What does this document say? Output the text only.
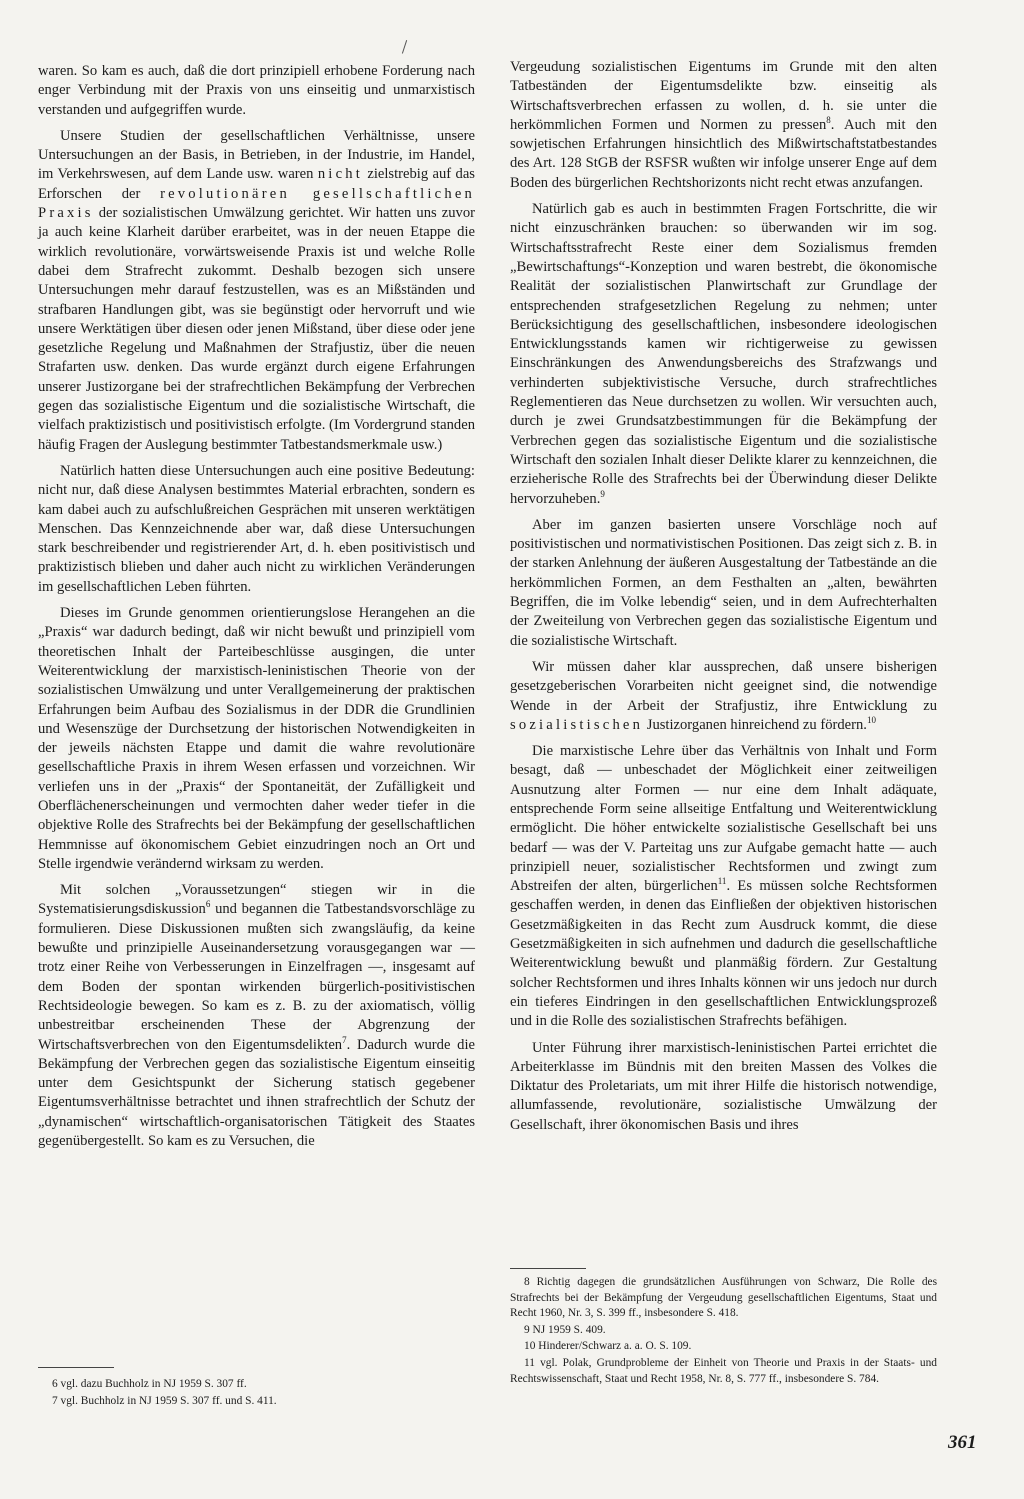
waren. So kam es auch, daß die dort prinzipiell erhobene Forderung nach enger Verbindung mit der Praxis von uns einseitig und unmarxistisch verstanden und aufgegriffen wurde.

Unsere Studien der gesellschaftlichen Verhältnisse, unsere Untersuchungen an der Basis, in Betrieben, in der Industrie, im Handel, im Verkehrswesen, auf dem Lande usw. waren nicht zielstrebig auf das Erforschen der revolutionären gesellschaftlichen Praxis der sozialistischen Umwälzung gerichtet. Wir hatten uns zuvor ja auch keine Klarheit darüber erarbeitet, was in der neuen Etappe die wirklich revolutionäre, vorwärtsweisende Praxis ist und welche Rolle dabei dem Strafrecht zukommt. Deshalb bezogen sich unsere Untersuchungen mehr darauf festzustellen, was es an Mißständen und strafbaren Handlungen gibt, was sie begünstigt oder hervorruft und wie unsere Werktätigen über diesen oder jenen Mißstand, über diese oder jene gesetzliche Regelung und Maßnahmen der Strafjustiz, über die neuen Strafarten usw. denken. Das wurde ergänzt durch eigene Erfahrungen unserer Justizorgane bei der strafrechtlichen Bekämpfung der Verbrechen gegen das sozialistische Eigentum und die sozialistische Wirtschaft, die vielfach praktizistisch und positivistisch erfolgte. (Im Vordergrund standen häufig Fragen der Auslegung bestimmter Tatbestandsmerkmale usw.)

Natürlich hatten diese Untersuchungen auch eine positive Bedeutung: nicht nur, daß diese Analysen bestimmtes Material erbrachten, sondern es kam dabei auch zu aufschlußreichen Gesprächen mit unseren werktätigen Menschen. Das Kennzeichnende aber war, daß diese Untersuchungen stark beschreibender und registrierender Art, d. h. eben positivistisch und praktizistisch blieben und daher auch nicht zu wirklichen Veränderungen im gesellschaftlichen Leben führten.

Dieses im Grunde genommen orientierungslose Herangehen an die „Praxis“ war dadurch bedingt, daß wir nicht bewußt und prinzipiell vom theoretischen Inhalt der Parteibeschlüsse ausgingen, die unter Weiterentwicklung der marxistisch-leninistischen Theorie von der sozialistischen Umwälzung und unter Verallgemeinerung der praktischen Erfahrungen beim Aufbau des Sozialismus in der DDR die Grundlinien und Wesenszüge der Durchsetzung der historischen Notwendigkeiten in der jeweils nächsten Etappe und damit die wahre revolutionäre gesellschaftliche Praxis in ihrem Wesen erfassen und vorzeichnen. Wir verliefen uns in der „Praxis“ der Spontaneität, der Zufälligkeit und Oberflächenerscheinungen und vermochten daher weder tiefer in die objektive Rolle des Strafrechts bei der Bekämpfung der gesellschaftlichen Hemmnisse auf ökonomischem Gebiet einzudringen noch an Ort und Stelle irgendwie verändernd wirksam zu werden.

Mit solchen „Voraussetzungen“ stiegen wir in die Systematisierungsdiskussion$^6$ und begannen die Tatbestandsvorschläge zu formulieren. Diese Diskussionen mußten sich zwangsläufig, da keine bewußte und prinzipielle Auseinandersetzung vorausgegangen war — trotz einer Reihe von Verbesserungen in Einzelfragen —, insgesamt auf dem Boden der spontan wirkenden bürgerlich-positivistischen Rechtsideologie bewegen. So kam es z. B. zu der axiomatisch, völlig unbestreitbar erscheinenden These der Abgrenzung der Wirtschaftsverbrechen von den Eigentumsdelikten$^7$. Dadurch wurde die Bekämpfung der Verbrechen gegen das sozialistische Eigentum einseitig unter dem Gesichtspunkt der Sicherung statisch gegebener Eigentumsverhältnisse betrachtet und ihnen strafrechtlich der Schutz der „dynamischen“ wirtschaftlich-organisatorischen Tätigkeit des Staates gegenübergestellt. So kam es zu Versuchen, die

Vergeudung sozialistischen Eigentums im Grunde mit den alten Tatbeständen der Eigentumsdelikte bzw. einseitig als Wirtschaftsverbrechen erfassen zu wollen, d. h. sie unter die herkömmlichen Formen und Normen zu pressen$^8$. Auch mit den sowjetischen Erfahrungen hinsichtlich des Mißwirtschaftstatbestandes des Art. 128 StGB der RSFSR wußten wir infolge unserer Enge auf dem Boden des bürgerlichen Rechtshorizonts nicht recht etwas anzufangen.

Natürlich gab es auch in bestimmten Fragen Fortschritte, die wir nicht einzuschränken brauchen: so überwanden wir im sog. Wirtschaftsstrafrecht Reste einer dem Sozialismus fremden „Bewirtschaftungs“-Konzeption und waren bestrebt, die ökonomische Realität der sozialistischen Planwirtschaft zur Grundlage der entsprechenden strafgesetzlichen Regelung zu nehmen; unter Berücksichtigung des gesellschaftlichen, insbesondere ideologischen Entwicklungsstands kamen wir richtigerweise zu gewissen Einschränkungen des Anwendungsbereichs des Strafzwangs und verhinderten subjektivistische Versuche, durch strafrechtliches Reglementieren das Neue durchsetzen zu wollen. Wir versuchten auch, durch je zwei Grundsatzbestimmungen für die Bekämpfung der Verbrechen gegen das sozialistische Eigentum und die sozialistische Wirtschaft den sozialen Inhalt dieser Delikte klarer zu kennzeichnen, die erzieherische Rolle des Strafrechts bei der Überwindung dieser Delikte hervorzuheben.$^9$

Aber im ganzen basierten unsere Vorschläge noch auf positivistischen und normativistischen Positionen. Das zeigt sich z. B. in der starken Anlehnung der äußeren Ausgestaltung der Tatbestände an die herkömmlichen Formen, an dem Festhalten an „alten, bewährten Begriffen, die im Volke lebendig“ seien, und in dem Aufrechterhalten der Zweiteilung von Verbrechen gegen das sozialistische Eigentum und die sozialistische Wirtschaft.

Wir müssen daher klar aussprechen, daß unsere bisherigen gesetzgeberischen Vorarbeiten nicht geeignet sind, die notwendige Wende in der Arbeit der Strafjustiz, ihre Entwicklung zu sozialistischen Justizorganen hinreichend zu fördern.$^{10}$

Die marxistische Lehre über das Verhältnis von Inhalt und Form besagt, daß — unbeschadet der Möglichkeit einer zeitweiligen Ausnutzung alter Formen — nur eine dem Inhalt adäquate, entsprechende Form seine allseitige Entfaltung und Weiterentwicklung ermöglicht. Die höher entwickelte sozialistische Gesellschaft bei uns bedarf — was der V. Parteitag uns zur Aufgabe gemacht hatte — auch prinzipiell neuer, sozialistischer Rechtsformen und zwingt zum Abstreifen der alten, bürgerlichen$^{11}$. Es müssen solche Rechtsformen geschaffen werden, in denen das Einfließen der objektiven historischen Gesetzmäßigkeiten in das Recht zum Ausdruck kommt, die diese Gesetzmäßigkeiten in sich aufnehmen und dadurch die gesellschaftliche Weiterentwicklung bewußt und planmäßig fördern. Zur Gestaltung solcher Rechtsformen und ihres Inhalts können wir uns jedoch nur durch ein tieferes Eindringen in den gesellschaftlichen Entwicklungsprozeß und in die Rolle des sozialistischen Strafrechts befähigen.

Unter Führung ihrer marxistisch-leninistischen Partei errichtet die Arbeiterklasse im Bündnis mit den breiten Massen des Volkes die Diktatur des Proletariats, um mit ihrer Hilfe die historisch notwendige, allumfassende, revolutionäre, sozialistische Umwälzung der Gesellschaft, ihrer ökonomischen Basis und ihres

6 vgl. dazu Buchholz in NJ 1959 S. 307 ff.

7 vgl. Buchholz in NJ 1959 S. 307 ff. und S. 411.

8 Richtig dagegen die grundsätzlichen Ausführungen von Schwarz, Die Rolle des Strafrechts bei der Bekämpfung der Vergeudung gesellschaftlichen Eigentums, Staat und Recht 1960, Nr. 3, S. 399 ff., insbesondere S. 418.

9 NJ 1959 S. 409.

10 Hinderer/Schwarz a. a. O. S. 109.

11 vgl. Polak, Grundprobleme der Einheit von Theorie und Praxis in der Staats- und Rechtswissenschaft, Staat und Recht 1958, Nr. 8, S. 777 ff., insbesondere S. 784.

361
